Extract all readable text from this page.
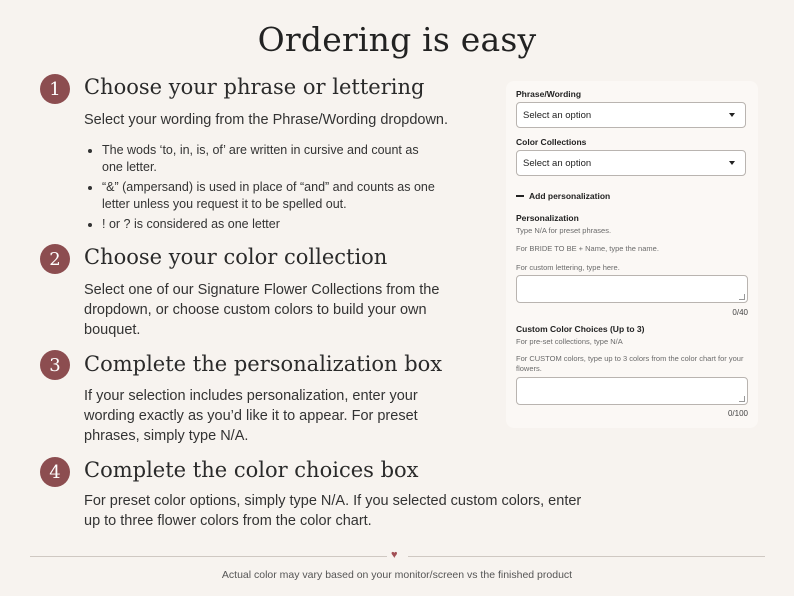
Ordering is easy
1	Choose your phrase or lettering
Select your wording from the Phrase/Wording dropdown.
• The wods ‘to, in, is, of’ are written in cursive and count as one letter.
• “&” (ampersand) is used in place of “and” and counts as one letter unless you request it to be spelled out.
• ! or ? is considered as one letter
2	Choose your color collection
Select one of our Signature Flower Collections from the dropdown, or choose custom colors to build your own bouquet.
3	Complete the personalization box
If your selection includes personalization, enter your wording exactly as you’d like it to appear. For preset phrases, simply type N/A.
4	Complete the color choices box
For preset color options, simply type N/A. If you selected custom colors, enter up to three flower colors from the color chart.
Phrase/Wording
Select an option
Color Collections
Select an option
Add personalization
Personalization
Type N/A for preset phrases.
For BRIDE TO BE + Name, type the name.
For custom lettering, type here.
0/40
Custom Color Choices (Up to 3)
For pre-set collections, type N/A
For CUSTOM colors, type up to 3 colors from the color chart for your flowers.
0/100
♥
Actual color may vary based on your monitor/screen vs the finished product
